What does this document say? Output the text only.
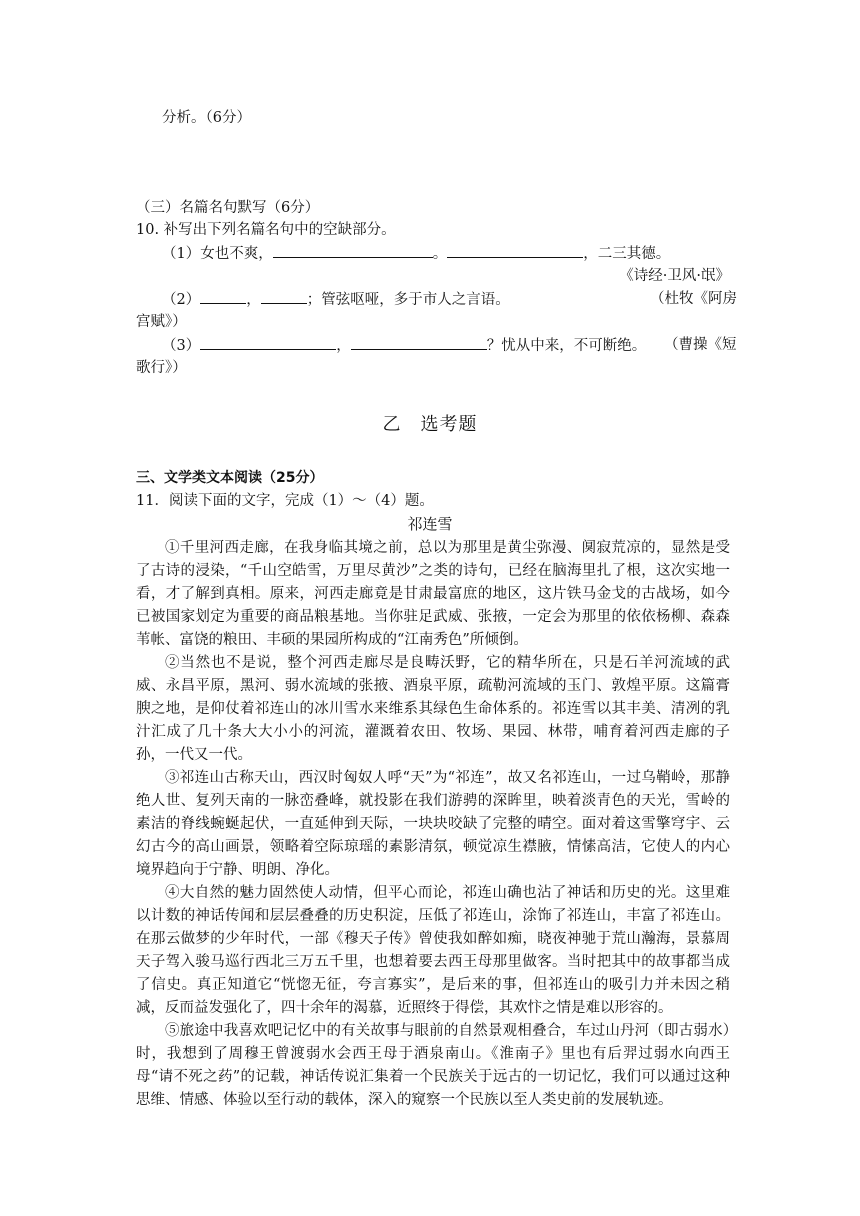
分析。（6分）
（三）名篇名句默写（6分）
10. 补写出下列名篇名句中的空缺部分。
（1）女也不爽，	。	，二三其德。
《诗经·卫风·氓》
（2）	，	；管弦呕哑，多于市人之言语。	（杜牧《阿房
宫赋》）
（3）	，	？忧从中来，不可断绝。 （曹操《短
歌行》）
乙　选考题
三、文学类文本阅读（25分）
11．阅读下面的文字，完成（1）～（4）题。
祁连雪
①千里河西走廊，在我身临其境之前，总以为那里是黄尘弥漫、阒寂荒凉的，显然是受了古诗的浸染，“千山空皓雪，万里尽黄沙”之类的诗句，已经在脑海里扎了根，这次实地一看，才了解到真相。原来，河西走廊竟是甘肃最富庶的地区，这片铁马金戈的古战场，如今已被国家划定为重要的商品粮基地。当你驻足武威、张掖，一定会为那里的依依杨柳、森森苇帐、富饶的粮田、丰硕的果园所构成的“江南秀色”所倾倒。
②当然也不是说，整个河西走廊尽是良畴沃野，它的精华所在，只是石羊河流域的武威、永昌平原，黑河、弱水流域的张掖、酒泉平原，疏勒河流域的玉门、敦煌平原。这篇膏腴之地，是仰仗着祁连山的冰川雪水来维系其绿色生命体系的。祁连雪以其丰美、清冽的乳汁汇成了几十条大大小小的河流，灌溉着农田、牧场、果园、林带，哺育着河西走廊的子孙，一代又一代。
③祁连山古称天山，西汉时匈奴人呼“天”为“祁连”，故又名祁连山，一过乌鞘岭，那静绝人世、复列天南的一脉峦叠峰，就投影在我们游骋的深眸里，映着淡青色的天光，雪岭的素洁的脊线蜿蜒起伏，一直延伸到天际，一块块咬缺了完整的晴空。面对着这雪擎穹宇、云幻古今的高山画景，领略着空际琼瑶的素影清氛，顿觉凉生襟腋，情愫高洁，它使人的内心境界趋向于宁静、明朗、净化。
④大自然的魅力固然使人动情，但平心而论，祁连山确也沾了神话和历史的光。这里难以计数的神话传闻和层层叠叠的历史积淀，压低了祁连山，涂饰了祁连山，丰富了祁连山。在那云做梦的少年时代，一部《穆天子传》曾使我如醉如痴，晓夜神驰于荒山瀚海，景慕周天子驾入骏马巡行西北三万五千里，也想着要去西王母那里做客。当时把其中的故事都当成了信史。真正知道它“恍惚无征，夸言寡实”，是后来的事，但祁连山的吸引力并未因之稍减，反而益发强化了，四十余年的渴慕，近照终于得偿，其欢忭之情是难以形容的。
⑤旅途中我喜欢吧记忆中的有关故事与眼前的自然景观相叠合，车过山丹河（即古弱水）时，我想到了周穆王曾渡弱水会西王母于酒泉南山。《淮南子》里也有后羿过弱水向西王母“请不死之药”的记载，神话传说汇集着一个民族关于远古的一切记忆，我们可以通过这种思维、情感、体验以至行动的载体，深入的窥察一个民族以至人类史前的发展轨迹。
